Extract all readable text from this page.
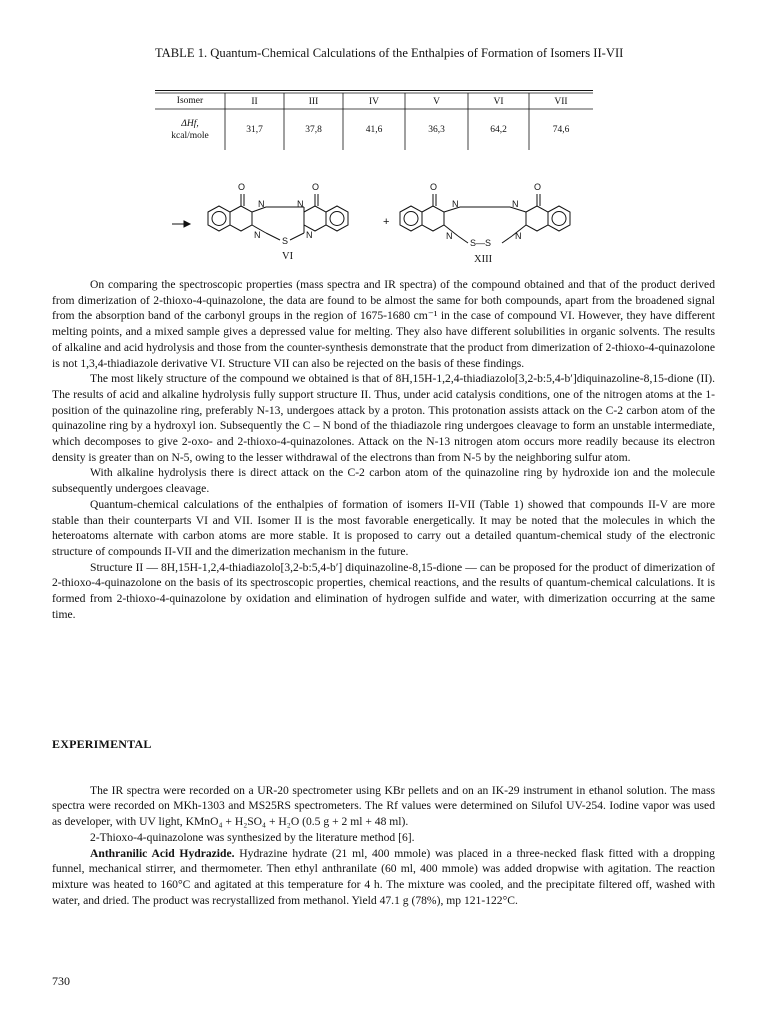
TABLE 1. Quantum-Chemical Calculations of the Enthalpies of Formation of Isomers II-VII
Isomer	II	III	IV	V	VI	VII
ΔHf,
kcal/mole
31,7	37,8	41,6	36,3	64,2	74,6
O	O
N	N
N
S
N
+
O	O
N	N
N
S—S
N
VI	XIII

On comparing the spectroscopic properties (mass spectra and IR spectra) of the compound obtained and that of the product derived from dimerization of 2-thioxo-4-quinazolone, the data are found to be almost the same for both compounds, apart from the broadened signal from the absorption band of the carbonyl groups in the region of 1675-1680 cm⁻¹ in the case of compound VI. However, they have different melting points, and a mixed sample gives a depressed value for melting. They also have different solubilities in organic solvents. The results of alkaline and acid hydrolysis and those from the counter-synthesis demonstrate that the product from dimerization of 2-thioxo-4-quinazolone is not 1,3,4-thiadiazole derivative VI. Structure VII can also be rejected on the basis of these findings.

The most likely structure of the compound we obtained is that of 8H,15H-1,2,4-thiadiazolo[3,2-b:5,4-b′]diquinazoline-8,15-dione (II). The results of acid and alkaline hydrolysis fully support structure II. Thus, under acid catalysis conditions, one of the nitrogen atoms at the 1-position of the quinazoline ring, preferably N-13, undergoes attack by a proton. This protonation assists attack on the C-2 carbon atom of the quinazoline ring by a hydroxyl ion. Subsequently the C – N bond of the thiadiazole ring undergoes cleavage to form an unstable intermediate, which decomposes to give 2-oxo- and 2-thioxo-4-quinazolones. Attack on the N-13 nitrogen atom occurs more readily because its electron density is greater than on N-5, owing to the lesser withdrawal of the electrons than from N-5 by the neighboring sulfur atom.

With alkaline hydrolysis there is direct attack on the C-2 carbon atom of the quinazoline ring by hydroxide ion and the molecule subsequently undergoes cleavage.

Quantum-chemical calculations of the enthalpies of formation of isomers II-VII (Table 1) showed that compounds II-V are more stable than their counterparts VI and VII. Isomer II is the most favorable energetically. It may be noted that the molecules in which the heteroatoms alternate with carbon atoms are more stable. It is proposed to carry out a detailed quantum-chemical study of the electronic structure of compounds II-VII and the dimerization mechanism in the future.

Structure II — 8H,15H-1,2,4-thiadiazolo[3,2-b:5,4-b′] diquinazoline-8,15-dione — can be proposed for the product of dimerization of 2-thioxo-4-quinazolone on the basis of its spectroscopic properties, chemical reactions, and the results of quantum-chemical calculations. It is formed from 2-thioxo-4-quinazolone by oxidation and elimination of hydrogen sulfide and water, with dimerization occurring at the same time.

EXPERIMENTAL

The IR spectra were recorded on a UR-20 spectrometer using KBr pellets and on an IK-29 instrument in ethanol solution. The mass spectra were recorded on MKh-1303 and MS25RS spectrometers. The Rf values were determined on Silufol UV-254. Iodine vapor was used as developer, with UV light, KMnO₄ + H₂SO₄ + H₂O (0.5 g + 2 ml + 48 ml).

2-Thioxo-4-quinazolone was synthesized by the literature method [6].

Anthranilic Acid Hydrazide. Hydrazine hydrate (21 ml, 400 mmole) was placed in a three-necked flask fitted with a dropping funnel, mechanical stirrer, and thermometer. Then ethyl anthranilate (60 ml, 400 mmole) was added dropwise with agitation. The reaction mixture was heated to 160°C and agitated at this temperature for 4 h. The mixture was cooled, and the precipitate filtered off, washed with water, and dried. The product was recrystallized from methanol. Yield 47.1 g (78%), mp 121-122°C.

730
